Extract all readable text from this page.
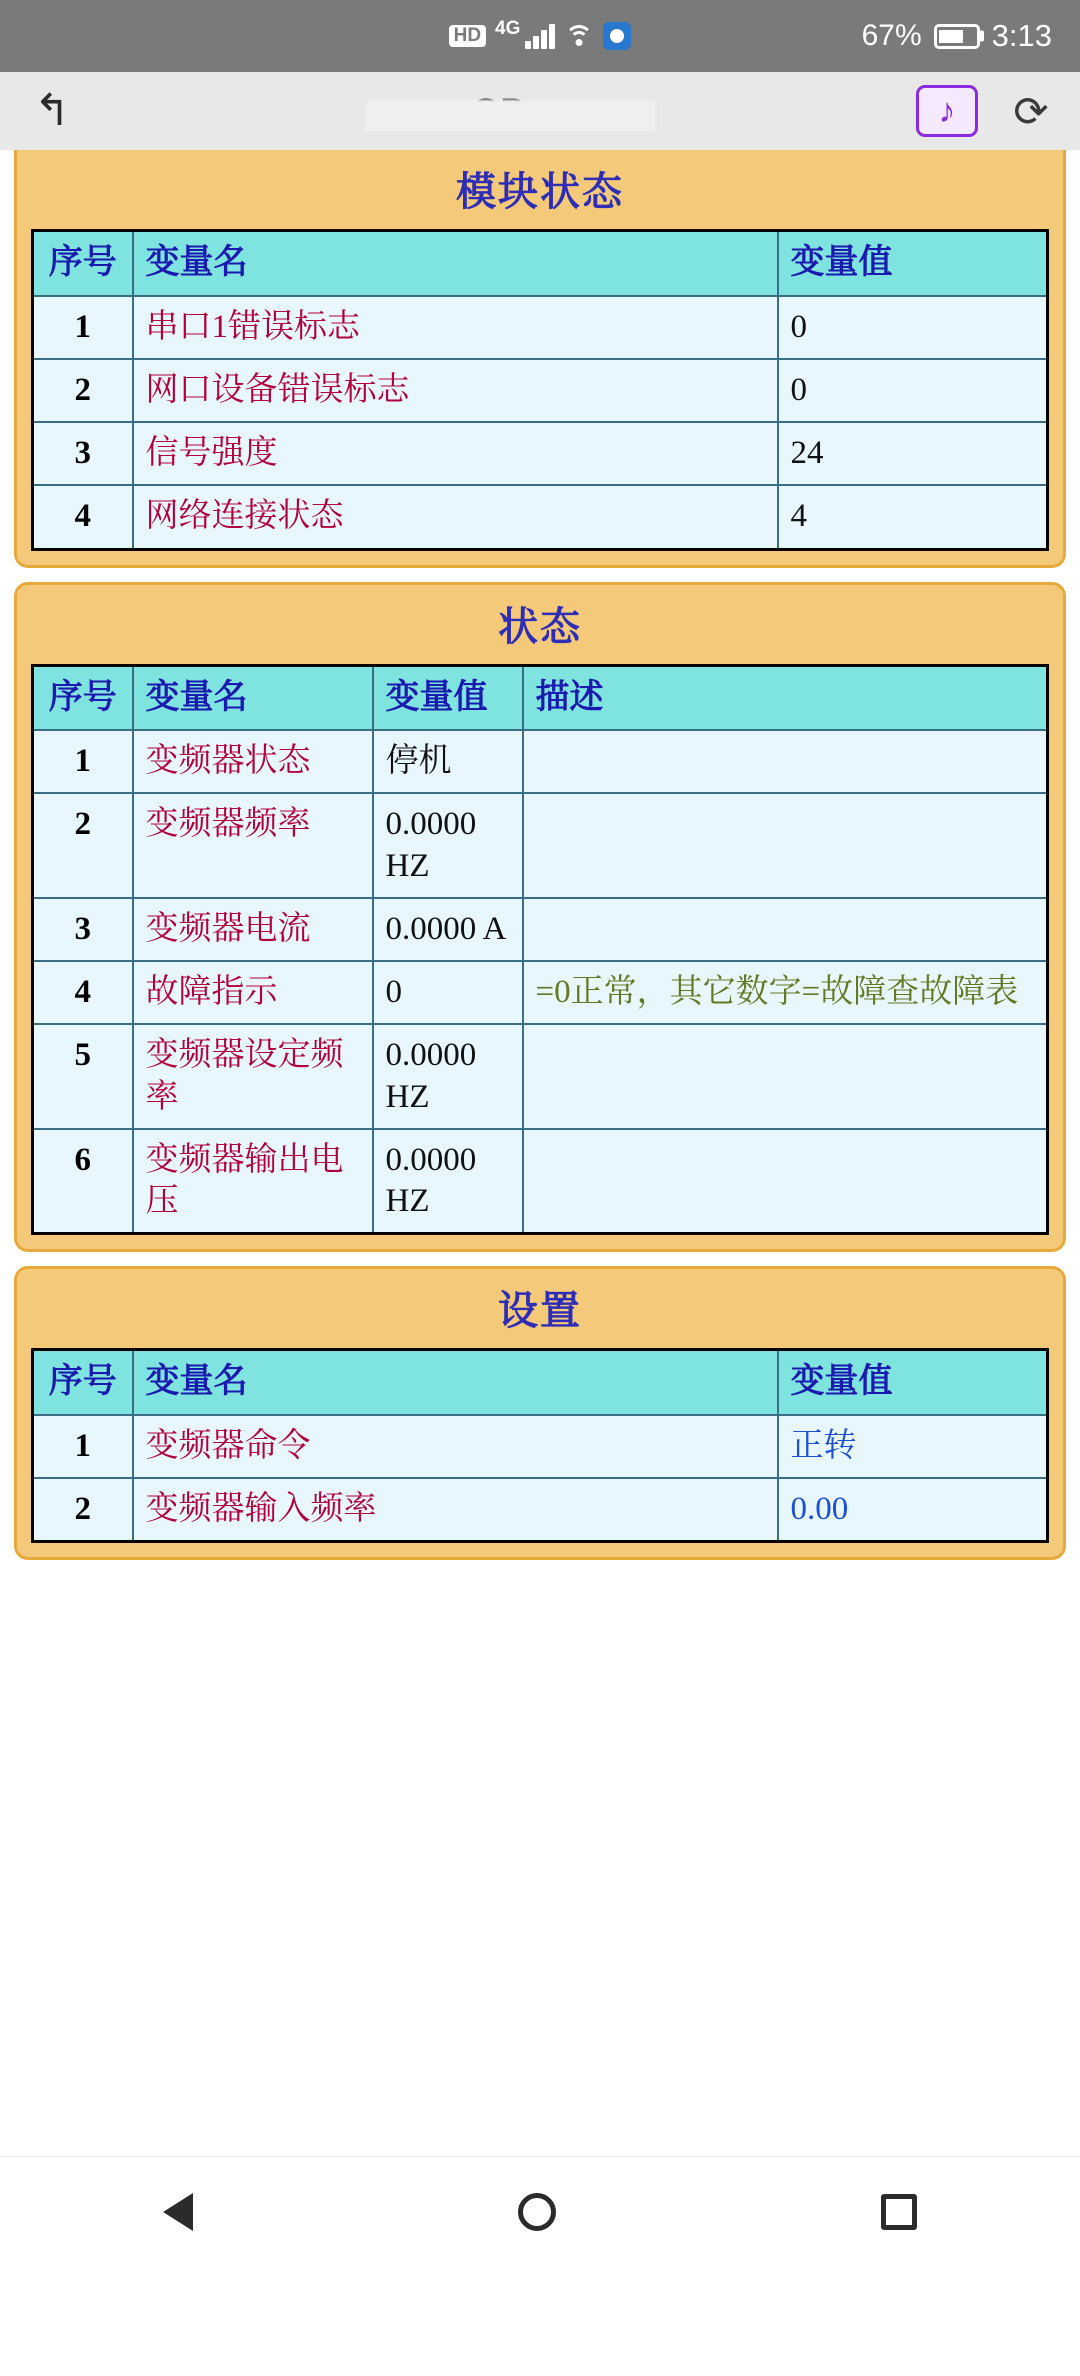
HD 4G	67% 3:13
↰	♪	⟳
模块状态
序号	变量名	变量值
1	串口1错误标志	0
2	网口设备错误标志	0
3	信号强度	24
4	网络连接状态	4
状态
序号	变量名	变量值	描述
1	变频器状态	停机	
2	变频器频率	0.0000 HZ	
3	变频器电流	0.0000 A	
4	故障指示	0	=0正常，其它数字=故障查故障表
5	变频器设定频率	0.0000 HZ	
6	变频器输出电压	0.0000 HZ	
设置
序号	变量名	变量值
1	变频器命令	正转
2	变频器输入频率	0.00
